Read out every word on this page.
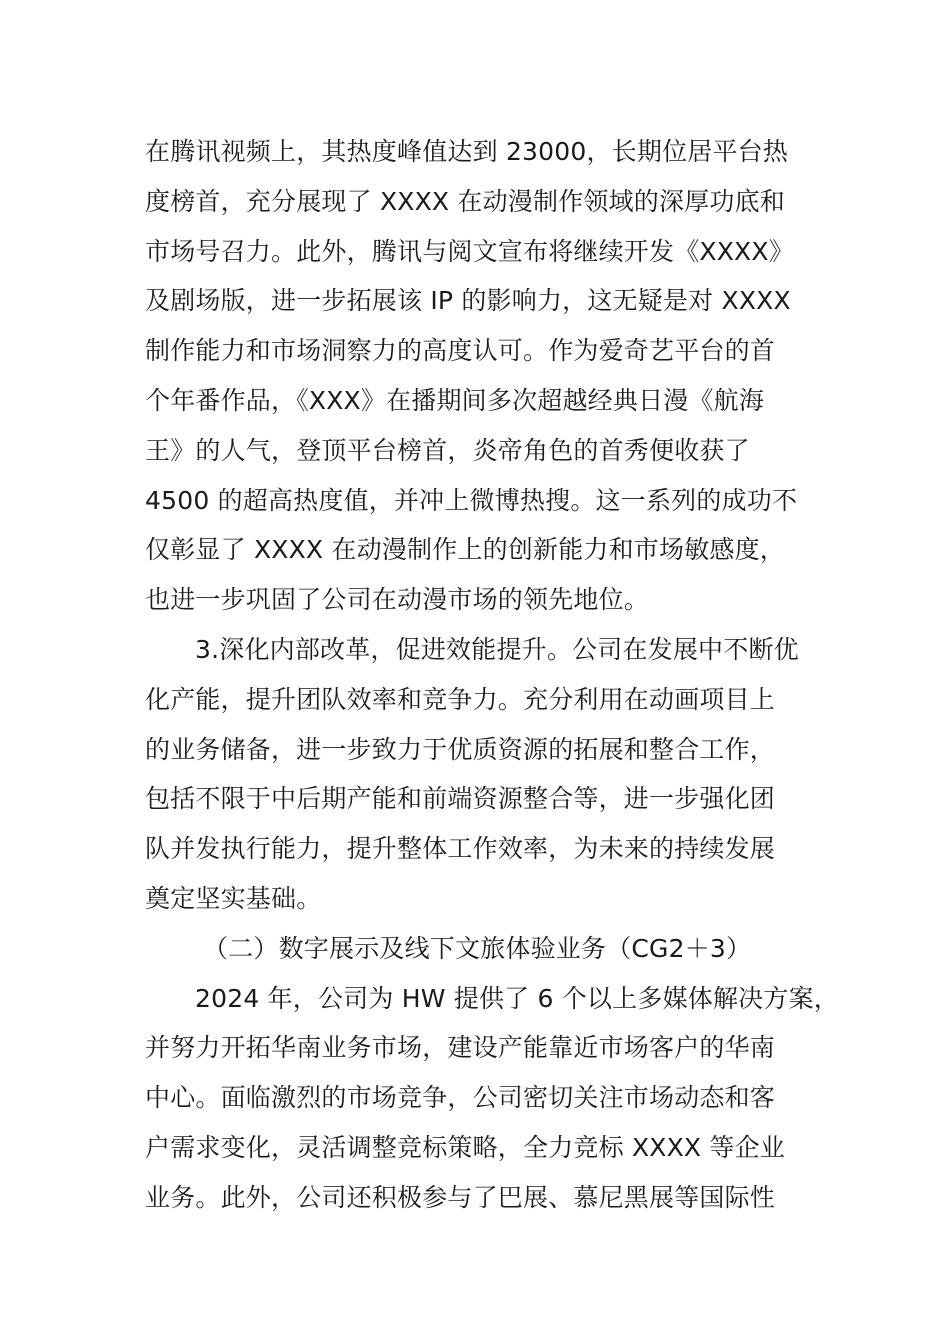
在腾讯视频上，其热度峰值达到 23000，长期位居平台热
度榜首，充分展现了 XXXX 在动漫制作领域的深厚功底和
市场号召力。此外，腾讯与阅文宣布将继续开发《XXXX》
及剧场版，进一步拓展该 IP 的影响力，这无疑是对 XXXX
制作能力和市场洞察力的高度认可。作为爱奇艺平台的首
个年番作品，《XXX》在播期间多次超越经典日漫《航海
王》的人气，登顶平台榜首，炎帝角色的首秀便收获了
4500 的超高热度值，并冲上微博热搜。这一系列的成功不
仅彰显了 XXXX 在动漫制作上的创新能力和市场敏感度，
也进一步巩固了公司在动漫市场的领先地位。
3.深化内部改革，促进效能提升。公司在发展中不断优
化产能，提升团队效率和竞争力。充分利用在动画项目上
的业务储备，进一步致力于优质资源的拓展和整合工作，
包括不限于中后期产能和前端资源整合等，进一步强化团
队并发执行能力，提升整体工作效率，为未来的持续发展
奠定坚实基础。
（二）数字展示及线下文旅体验业务（CG2＋3）
2024 年，公司为 HW 提供了 6 个以上多媒体解决方案，
并努力开拓华南业务市场，建设产能靠近市场客户的华南
中心。面临激烈的市场竞争，公司密切关注市场动态和客
户需求变化，灵活调整竞标策略，全力竞标 XXXX 等企业
业务。此外，公司还积极参与了巴展、慕尼黑展等国际性
